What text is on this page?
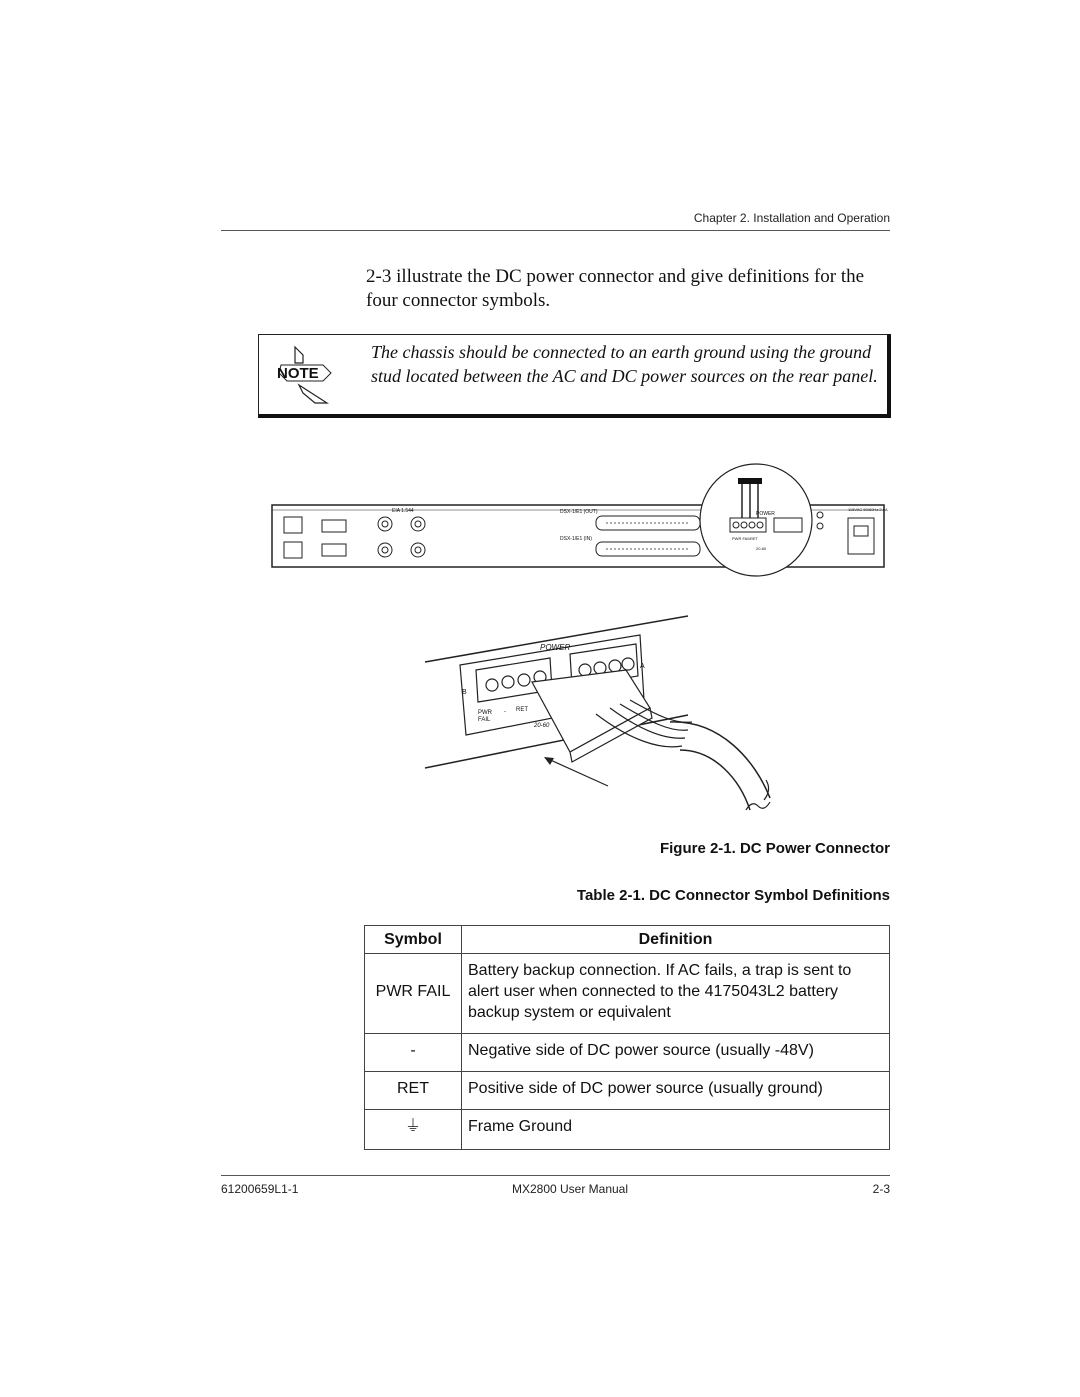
Chapter 2. Installation and Operation

2-3 illustrate the DC power connector and give definitions for the four connector symbols.

NOTE
The chassis should be connected to an earth ground using the ground stud located between the AC and DC power sources on the rear panel.
EIA 1.544	DSX-1/E1 (OUT)
DSX-1/E1 (IN)
POWER
PWR FAIL RET
20-60
115VAC 50/60Hz 2.0A
POWER
A
B
PWR
FAIL
- RET
20-60
Figure 2-1. DC Power Connector
Table 2-1. DC Connector Symbol Definitions
Symbol	Definition
PWR FAIL	Battery backup connection. If AC fails, a trap is sent to alert user when connected to the 4175043L2 battery backup system or equivalent
-	Negative side of DC power source (usually -48V)
RET	Positive side of DC power source (usually ground)
⏚	Frame Ground
61200659L1-1	MX2800 User Manual	2-3
